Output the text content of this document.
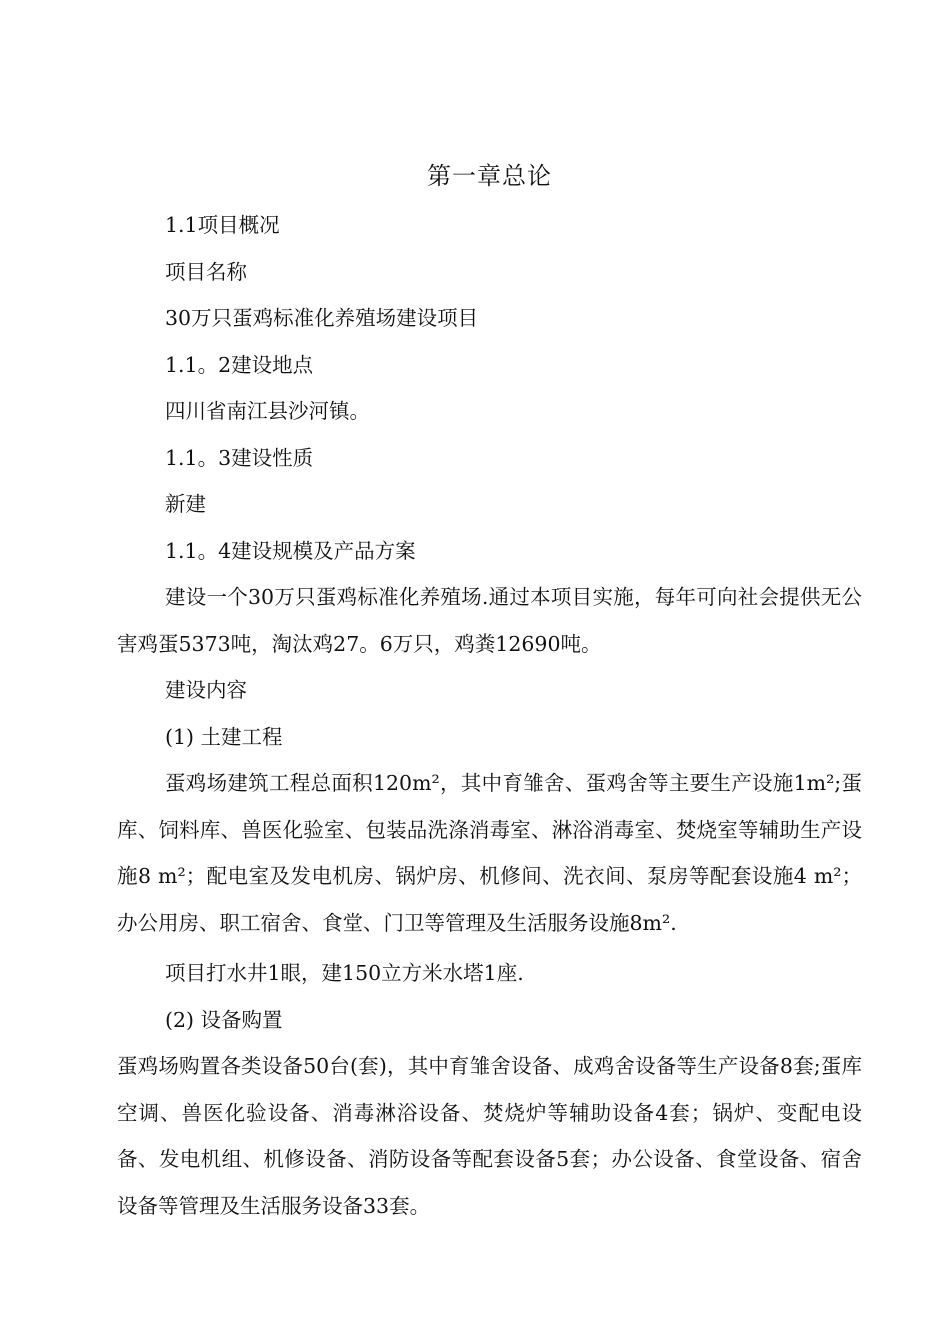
第一章总论

1.1项目概况

项目名称

30万只蛋鸡标准化养殖场建设项目

1.1。2建设地点

四川省南江县沙河镇。

1.1。3建设性质

新建

1.1。4建设规模及产品方案

建设一个30万只蛋鸡标准化养殖场.通过本项目实施，每年可向社会提供无公害鸡蛋5373吨，淘汰鸡27。6万只，鸡粪12690吨。

建设内容

(1) 土建工程

蛋鸡场建筑工程总面积120m²，其中育雏舍、蛋鸡舍等主要生产设施1m²;蛋库、饲料库、兽医化验室、包装品洗涤消毒室、淋浴消毒室、焚烧室等辅助生产设施8 m²；配电室及发电机房、锅炉房、机修间、洗衣间、泵房等配套设施4 m²；办公用房、职工宿舍、食堂、门卫等管理及生活服务设施8m².

项目打水井1眼，建150立方米水塔1座.

(2) 设备购置

蛋鸡场购置各类设备50台(套)，其中育雏舍设备、成鸡舍设备等生产设备8套;蛋库空调、兽医化验设备、消毒淋浴设备、焚烧炉等辅助设备4套；锅炉、变配电设备、发电机组、机修设备、消防设备等配套设备5套；办公设备、食堂设备、宿舍设备等管理及生活服务设备33套。
